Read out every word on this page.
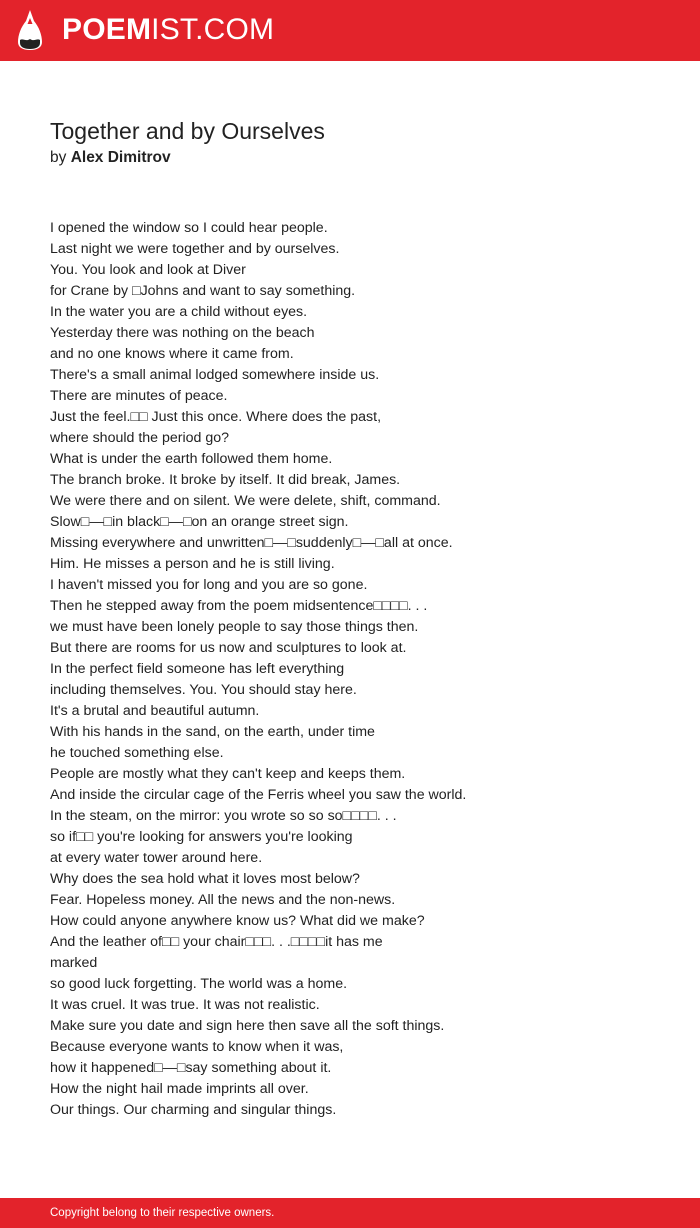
POEMIST.COM
Together and by Ourselves
by Alex Dimitrov
I opened the window so I could hear people.
Last night we were together and by ourselves.
You. You look and look at Diver
for Crane by □Johns and want to say something.
In the water you are a child without eyes.
Yesterday there was nothing on the beach
and no one knows where it came from.
There's a small animal lodged somewhere inside us.
There are minutes of peace.
Just the feel.□□ Just this once. Where does the past,
where should the period go?
What is under the earth followed them home.
The branch broke. It broke by itself. It did break, James.
We were there and on silent. We were delete, shift, command.
Slow□—□in black□—□on an orange street sign.
Missing everywhere and unwritten□—□suddenly□—□all at once.
Him. He misses a person and he is still living.
I haven't missed you for long and you are so gone.
Then he stepped away from the poem midsentence□□□□. . .
we must have been lonely people to say those things then.
But there are rooms for us now and sculptures to look at.
In the perfect field someone has left everything
including themselves. You. You should stay here.
It's a brutal and beautiful autumn.
With his hands in the sand, on the earth, under time
he touched something else.
People are mostly what they can't keep and keeps them.
And inside the circular cage of the Ferris wheel you saw the world.
In the steam, on the mirror: you wrote so so so□□□□. . .
so if□□ you're looking for answers you're looking
at every water tower around here.
Why does the sea hold what it loves most below?
Fear. Hopeless money. All the news and the non-news.
How could anyone anywhere know us? What did we make?
And the leather of□□ your chair□□□. . .□□□□it has me
marked
so good luck forgetting. The world was a home.
It was cruel. It was true. It was not realistic.
Make sure you date and sign here then save all the soft things.
Because everyone wants to know when it was,
how it happened□—□say something about it.
How the night hail made imprints all over.
Our things. Our charming and singular things.
Copyright belong to their respective owners.
